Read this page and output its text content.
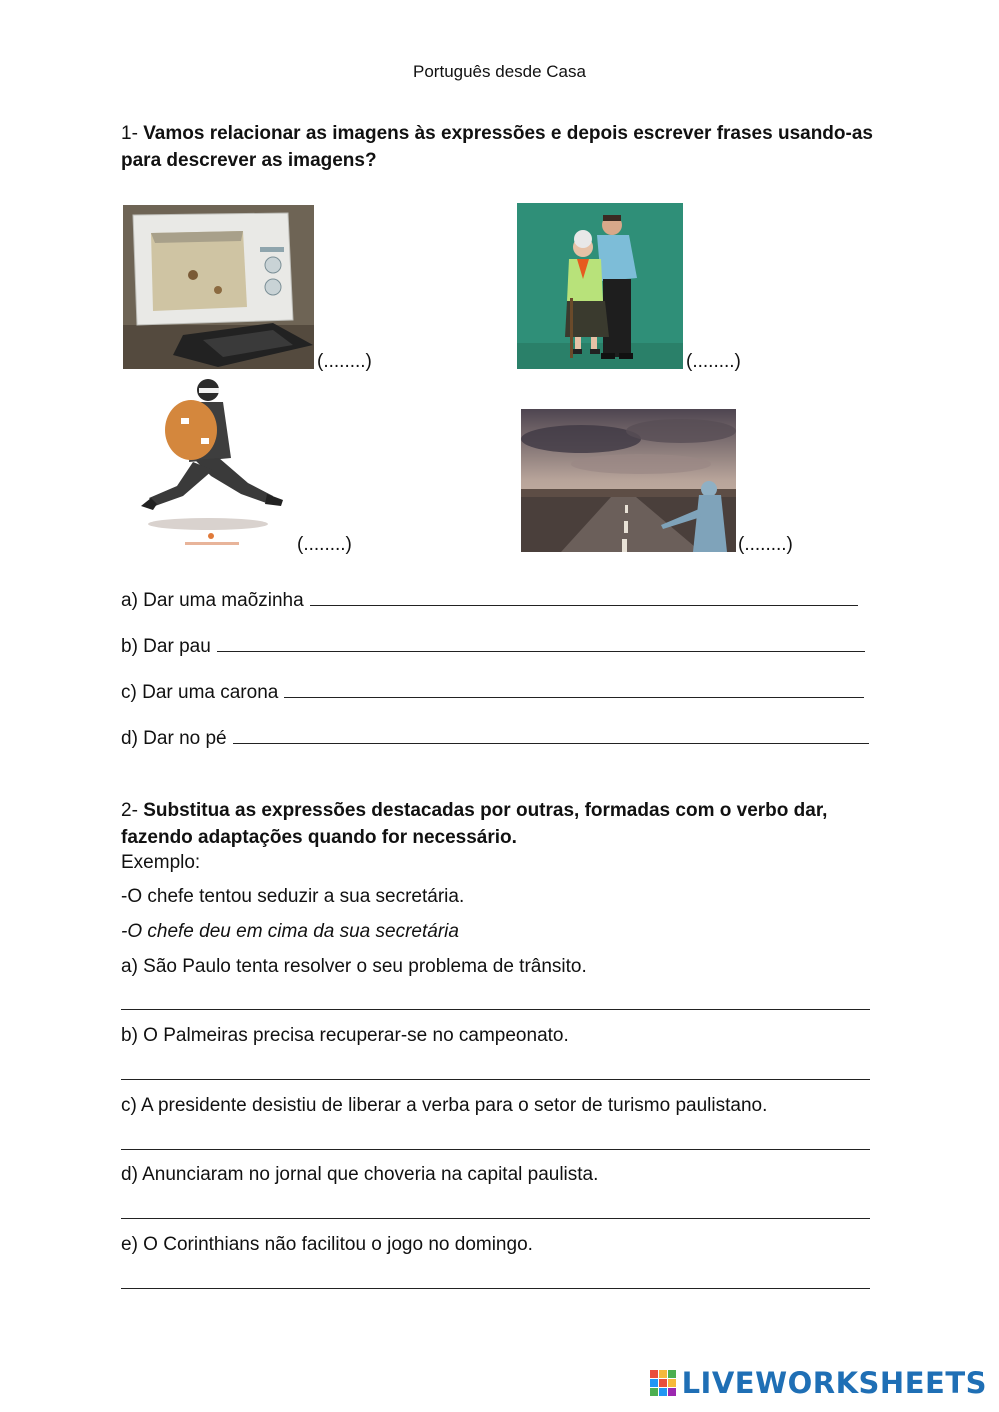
Português desde Casa
1- Vamos relacionar as imagens às expressões e depois escrever frases usando-as para descrever as imagens?
(........)	(........)
(........)	(........)
a) Dar uma maõzinha
b) Dar pau
c) Dar uma carona
d) Dar no pé
2- Substitua as expressões destacadas por outras, formadas com o verbo dar, fazendo adaptações quando for necessário.
Exemplo:
-O chefe tentou seduzir a sua secretária.
-O chefe deu em cima da sua secretária
a) São Paulo tenta resolver o seu problema de trânsito.
b) O Palmeiras precisa recuperar-se no campeonato.
c) A presidente desistiu de liberar a verba para o setor de turismo paulistano.
d) Anunciaram no jornal que choveria na capital paulista.
e) O Corinthians não facilitou o jogo no domingo.
LIVEWORKSHEETS
